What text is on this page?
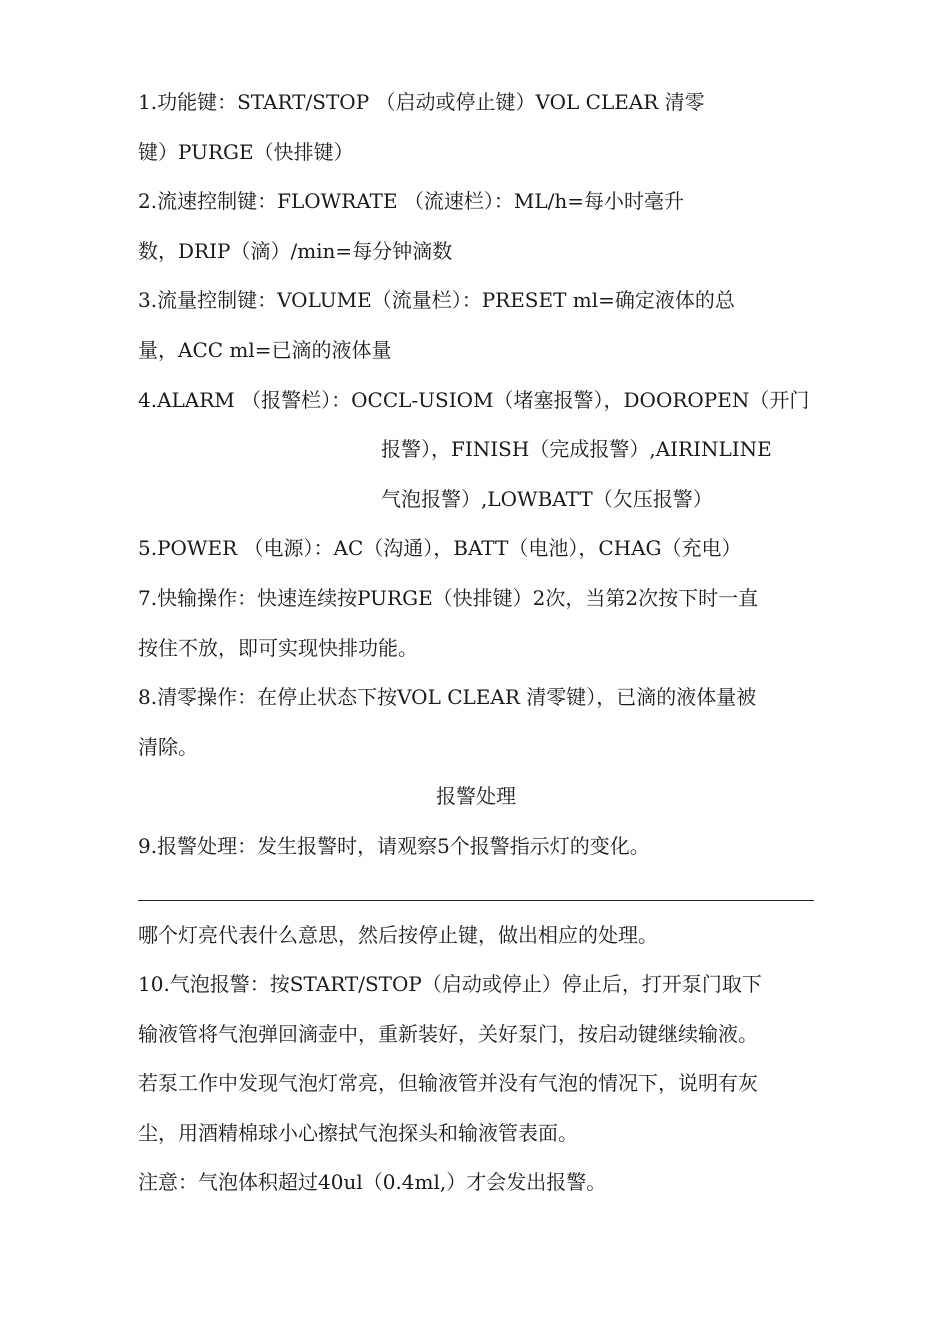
1.功能键：START/STOP （启动或停止键）VOL CLEAR 清零
键）PURGE（快排键）
2.流速控制键：FLOWRATE （流速栏）：ML/h=每小时毫升
数，DRIP（滴）/min=每分钟滴数
3.流量控制键：VOLUME（流量栏）：PRESET ml=确定液体的总
量，ACC ml=已滴的液体量
4.ALARM （报警栏）：OCCL-USIOM（堵塞报警），DOOROPEN（开门
报警），FINISH（完成报警）,AIRINLINE
气泡报警）,LOWBATT（欠压报警）
5.POWER （电源）：AC（沟通），BATT（电池），CHAG（充电）
7.快输操作：快速连续按PURGE（快排键）2次，当第2次按下时一直
按住不放，即可实现快排功能。
8.清零操作：在停止状态下按VOL CLEAR 清零键），已滴的液体量被
清除。
报警处理
9.报警处理：发生报警时，请观察5个报警指示灯的变化。
哪个灯亮代表什么意思，然后按停止键，做出相应的处理。
10.气泡报警：按START/STOP（启动或停止）停止后，打开泵门取下
输液管将气泡弹回滴壶中，重新装好，关好泵门，按启动键继续输液。
若泵工作中发现气泡灯常亮，但输液管并没有气泡的情况下，说明有灰
尘，用酒精棉球小心擦拭气泡探头和输液管表面。
注意：气泡体积超过40ul（0.4ml,）才会发出报警。
